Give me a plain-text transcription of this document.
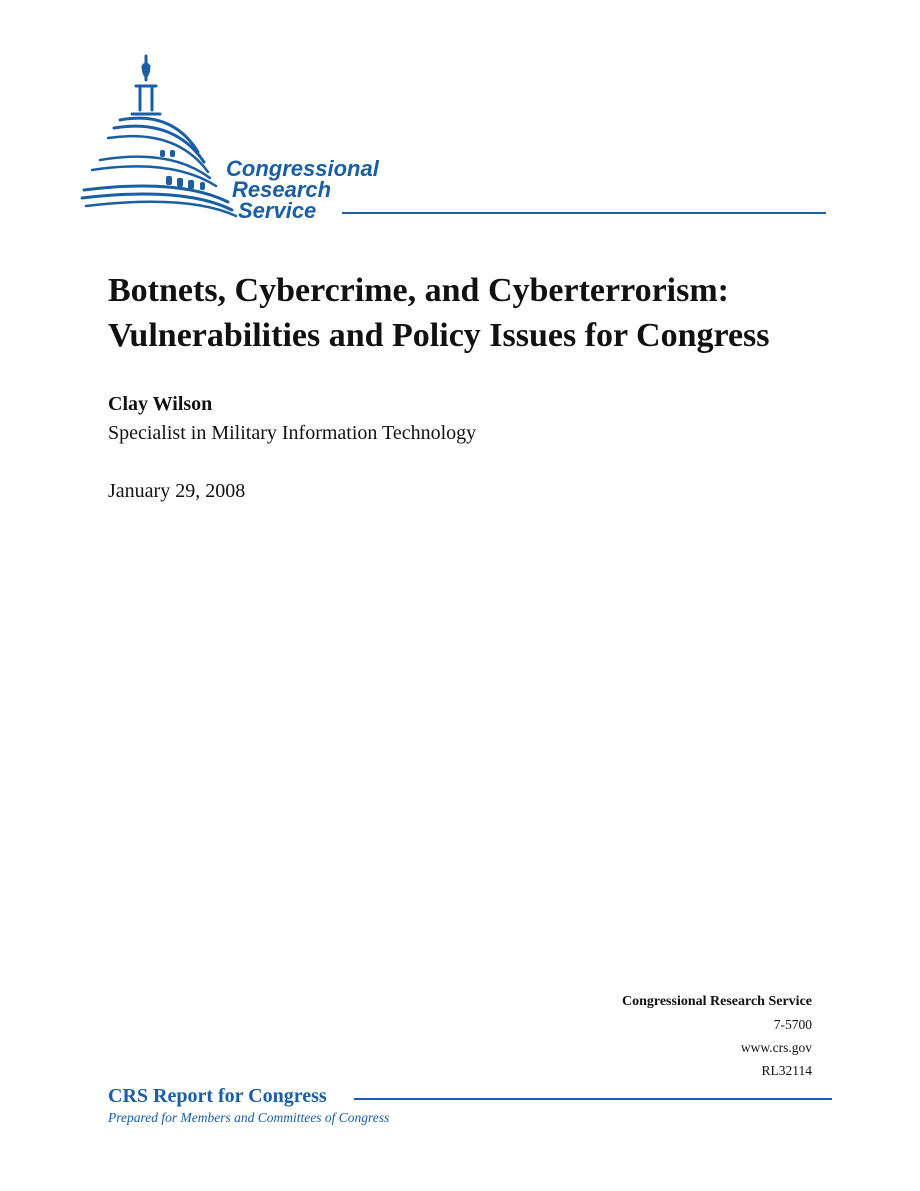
Congressional
Research
Service
Botnets, Cybercrime, and Cyberterrorism:
Vulnerabilities and Policy Issues for Congress
Clay Wilson
Specialist in Military Information Technology
January 29, 2008
Congressional Research Service
7-5700
www.crs.gov
RL32114
CRS Report for Congress
Prepared for Members and Committees of Congress
